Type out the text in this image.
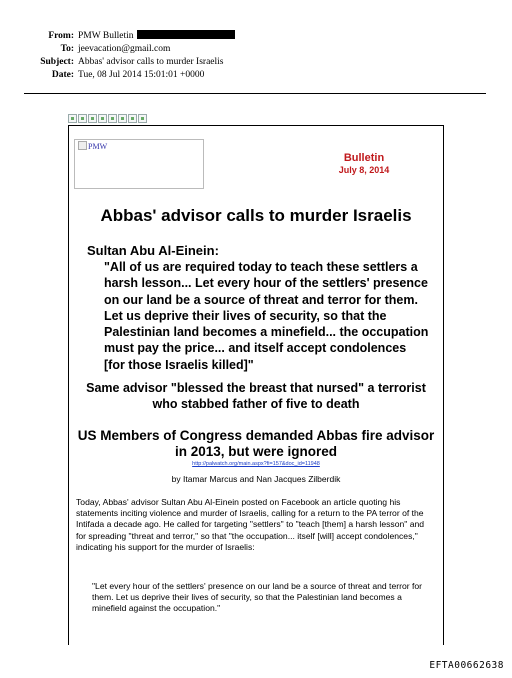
From: PMW Bulletin
To: jeevacation@gmail.com
Subject: Abbas' advisor calls to murder Israelis
Date: Tue, 08 Jul 2014 15:01:01 +0000
PMW
Bulletin
July 8, 2014
Abbas' advisor calls to murder Israelis
Sultan Abu Al-Einein:
"All of us are required today to teach these settlers a harsh lesson... Let every hour of the settlers' presence on our land be a source of threat and terror for them. Let us deprive their lives of security, so that the Palestinian land becomes a minefield... the occupation must pay the price... and itself accept condolences [for those Israelis killed]"
Same advisor "blessed the breast that nursed" a terrorist who stabbed father of five to death
US Members of Congress demanded Abbas fire advisor in 2013, but were ignored
http://palwatch.org/main.aspx?fi=157&doc_id=11948
by Itamar Marcus and Nan Jacques Zilberdik
Today, Abbas' advisor Sultan Abu Al-Einein posted on Facebook an article quoting his statements inciting violence and murder of Israelis, calling for a return to the PA terror of the Intifada a decade ago. He called for targeting "settlers" to "teach [them] a harsh lesson" and for spreading "threat and terror," so that "the occupation... itself [will] accept condolences," indicating his support for the murder of Israelis:
"Let every hour of the settlers' presence on our land be a source of threat and terror for them. Let us deprive their lives of security, so that the Palestinian land becomes a minefield against the occupation."
EFTA00662638
